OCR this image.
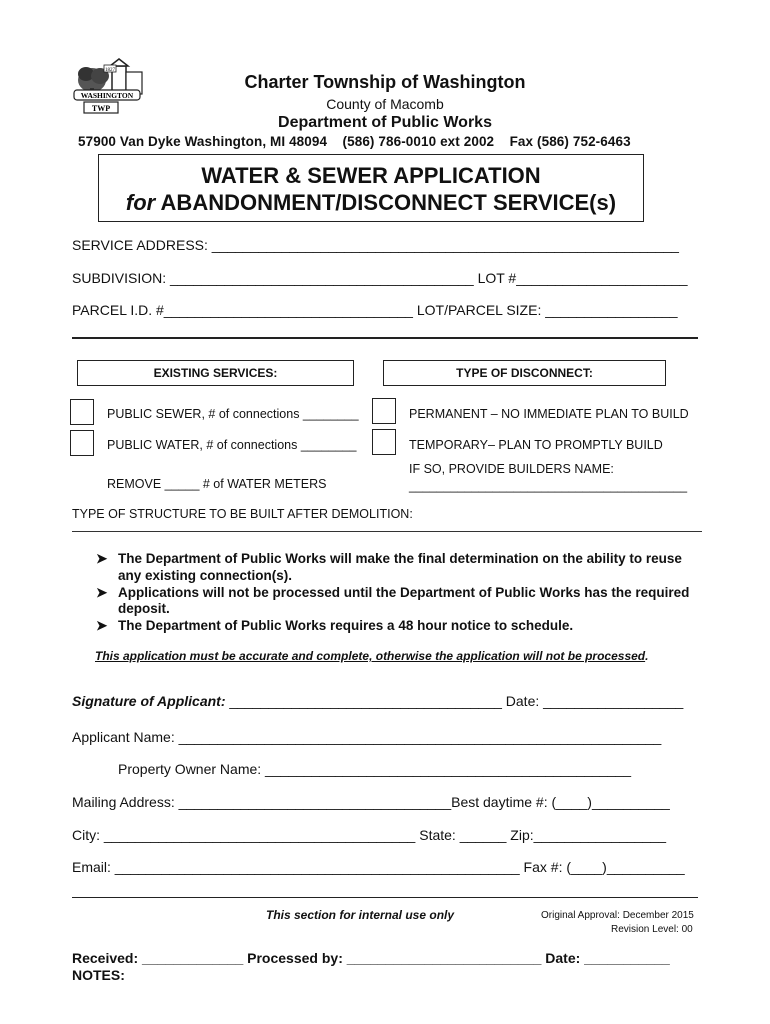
1827
WASHINGTON
TWP
Charter Township of Washington
County of Macomb
Department of Public Works
57900 Van Dyke Washington, MI 48094    (586) 786-0010 ext 2002    Fax (586) 752-6463
WATER & SEWER APPLICATION
for ABANDONMENT/DISCONNECT SERVICE(s)
SERVICE ADDRESS: ____________________________________________________________
SUBDIVISION: _______________________________________ LOT #______________________
PARCEL I.D. #________________________________ LOT/PARCEL SIZE: _________________
EXISTING SERVICES:	TYPE OF DISCONNECT:
PUBLIC SEWER, # of connections ________
PUBLIC WATER, # of connections ________
REMOVE _____ # of WATER METERS
PERMANENT – NO IMMEDIATE PLAN TO BUILD
TEMPORARY– PLAN TO PROMPTLY BUILD
IF SO, PROVIDE BUILDERS NAME:
________________________________________
TYPE OF STRUCTURE TO BE BUILT AFTER DEMOLITION:
➤ The Department of Public Works will make the final determination on the ability to reuse
any existing connection(s).
➤ Applications will not be processed until the Department of Public Works has the required
deposit.
➤ The Department of Public Works requires a 48 hour notice to schedule.
This application must be accurate and complete, otherwise the application will not be processed.
Signature of Applicant: ___________________________________ Date: __________________
Applicant Name: ______________________________________________________________
Property Owner Name: _______________________________________________
Mailing Address: ___________________________________Best daytime #: (____)__________
City: ________________________________________ State: ______ Zip:_________________
Email: ____________________________________________________ Fax #: (____)__________
This section for internal use only	Original Approval: December 2015
Revision Level: 00
Received: _____________ Processed by: _________________________ Date: ___________
NOTES:
